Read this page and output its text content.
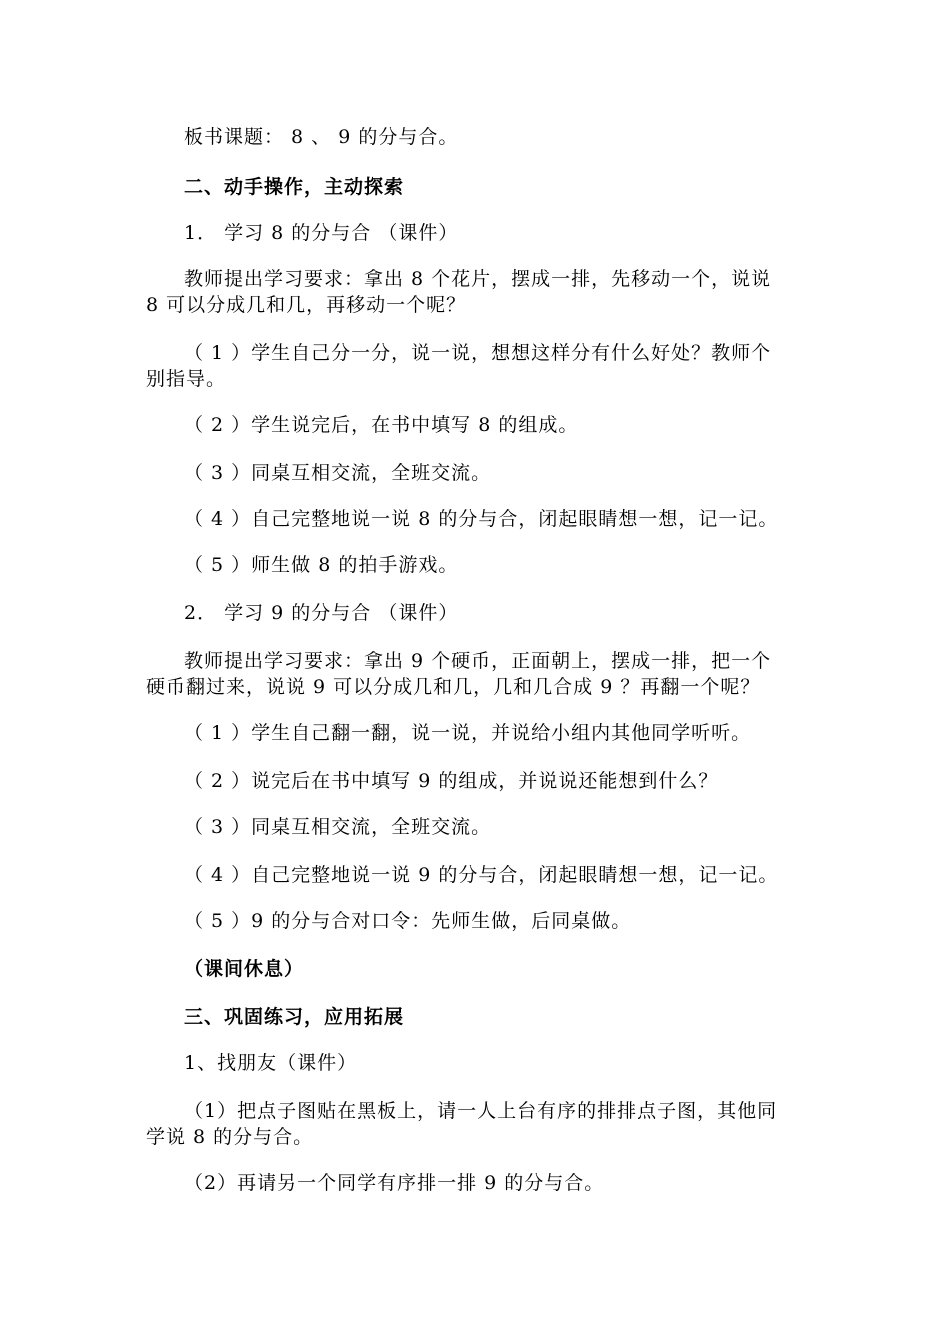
板书课题： 8 、 9 的分与合。
二、动手操作，主动探索
1． 学习 8 的分与合 （课件）
教师提出学习要求：拿出 8 个花片，摆成一排，先移动一个，说说
8 可以分成几和几，再移动一个呢？
（ 1 ）学生自己分一分，说一说，想想这样分有什么好处？教师个
别指导。
（ 2 ）学生说完后，在书中填写 8 的组成。
（ 3 ）同桌互相交流，全班交流。
（ 4 ）自己完整地说一说 8 的分与合，闭起眼睛想一想，记一记。
（ 5 ）师生做 8 的拍手游戏。
2． 学习 9 的分与合 （课件）
教师提出学习要求：拿出 9 个硬币，正面朝上，摆成一排，把一个
硬币翻过来，说说 9 可以分成几和几，几和几合成 9 ？再翻一个呢？
（ 1 ）学生自己翻一翻，说一说，并说给小组内其他同学听听。
（ 2 ）说完后在书中填写 9 的组成，并说说还能想到什么？
（ 3 ）同桌互相交流，全班交流。
（ 4 ）自己完整地说一说 9 的分与合，闭起眼睛想一想，记一记。
（ 5 ）9 的分与合对口令：先师生做，后同桌做。
（课间休息）
三、巩固练习，应用拓展
1、找朋友（课件）
（1）把点子图贴在黑板上，请一人上台有序的排排点子图，其他同
学说 8 的分与合。
（2）再请另一个同学有序排一排 9 的分与合。
